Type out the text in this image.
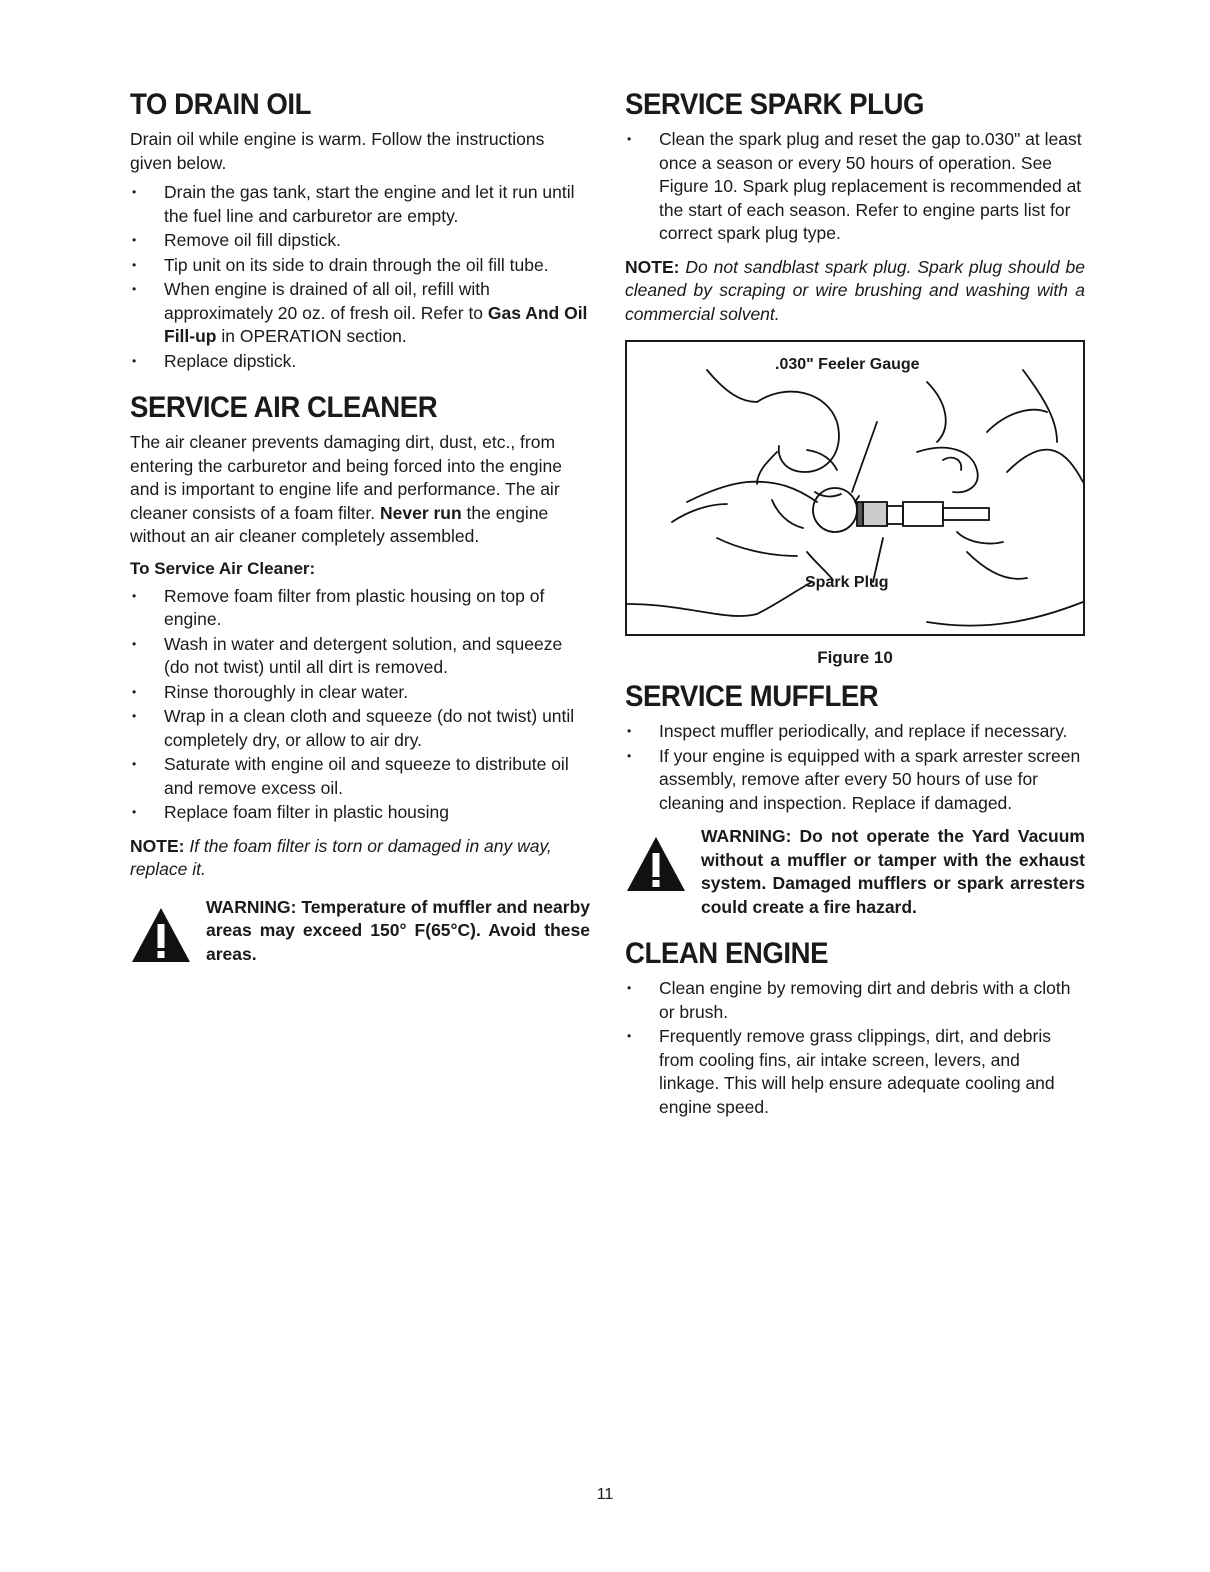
TO DRAIN OIL

Drain oil while engine is warm. Follow the instructions given below.

• Drain the gas tank, start the engine and let it run until the fuel line and carburetor are empty.
• Remove oil fill dipstick.
• Tip unit on its side to drain through the oil fill tube.
• When engine is drained of all oil, refill with approximately 20 oz. of fresh oil. Refer to Gas And Oil Fill-up in OPERATION section.
• Replace dipstick.
SERVICE AIR CLEANER

The air cleaner prevents damaging dirt, dust, etc., from entering the carburetor and being forced into the engine and is important to engine life and performance. The air cleaner consists of a foam filter. Never run the engine without an air cleaner completely assembled.

To Service Air Cleaner:
• Remove foam filter from plastic housing on top of engine.
• Wash in water and detergent solution, and squeeze (do not twist) until all dirt is removed.
• Rinse thoroughly in clear water.
• Wrap in a clean cloth and squeeze (do not twist) until completely dry, or allow to air dry.
• Saturate with engine oil and squeeze to distribute oil and remove excess oil.
• Replace foam filter in plastic housing

NOTE: If the foam filter is torn or damaged in any way, replace it.

WARNING: Temperature of muffler and nearby areas may exceed 150° F(65°C). Avoid these areas.
SERVICE SPARK PLUG
• Clean the spark plug and reset the gap to.030" at least once a season or every 50 hours of operation. See Figure 10. Spark plug replacement is recommended at the start of each season. Refer to engine parts list for correct spark plug type.

NOTE: Do not sandblast spark plug. Spark plug should be cleaned by scraping or wire brushing and washing with a commercial solvent.

.030" Feeler Gauge
Spark Plug
Figure 10
SERVICE MUFFLER
• Inspect muffler periodically, and replace if necessary.
• If your engine is equipped with a spark arrester screen assembly, remove after every 50 hours of use for cleaning and inspection. Replace if damaged.
WARNING: Do not operate the Yard Vacuum without a muffler or tamper with the exhaust system. Damaged mufflers or spark arresters could create a fire hazard.
CLEAN ENGINE
• Clean engine by removing dirt and debris with a cloth or brush.
• Frequently remove grass clippings, dirt, and debris from cooling fins, air intake screen, levers, and linkage. This will help ensure adequate cooling and engine speed.
11
